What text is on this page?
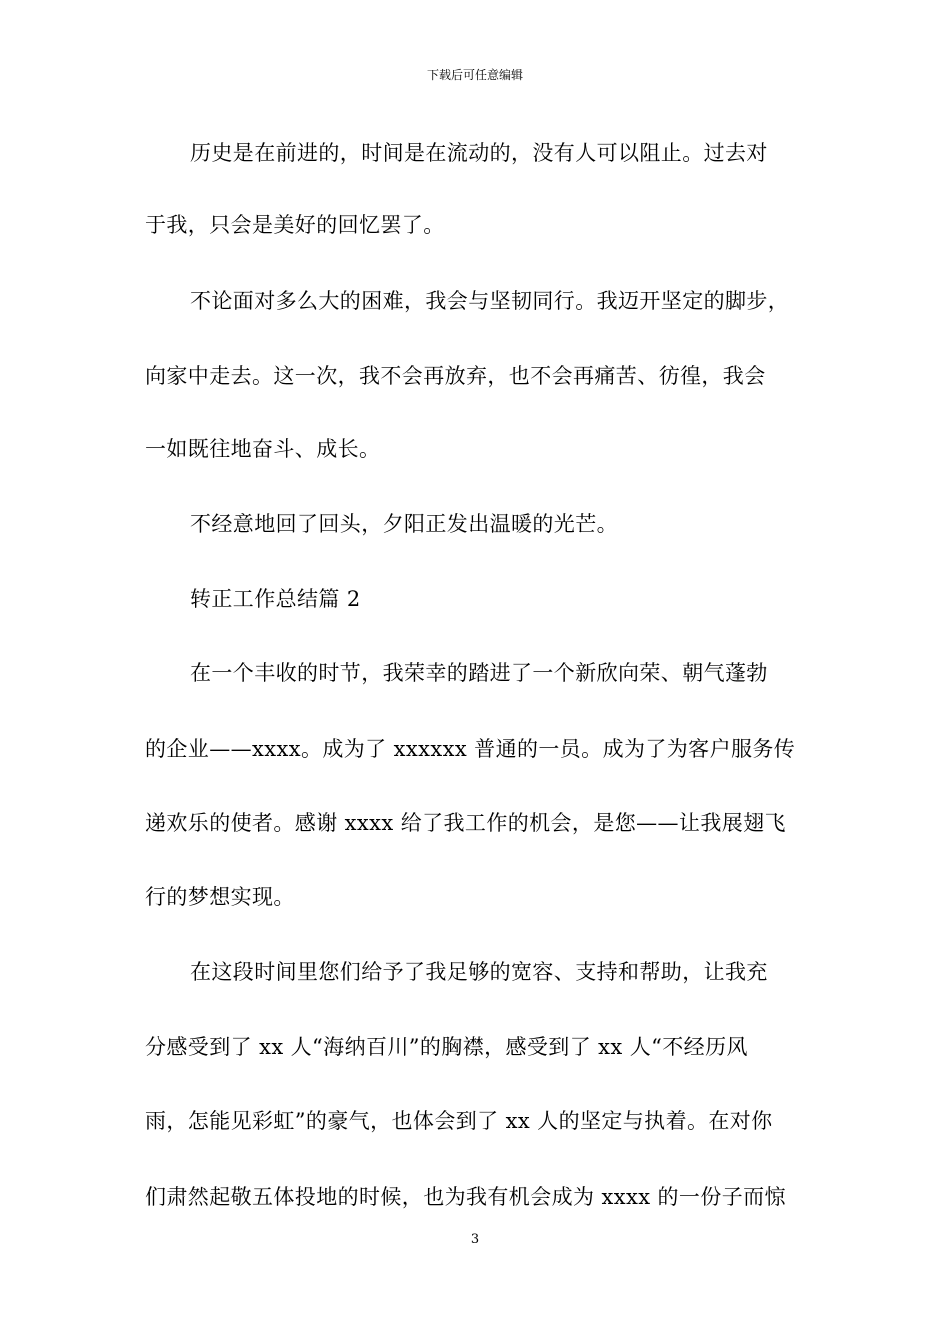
下载后可任意编辑
历史是在前进的，时间是在流动的，没有人可以阻止。过去对
于我，只会是美好的回忆罢了。
不论面对多么大的困难，我会与坚韧同行。我迈开坚定的脚步，
向家中走去。这一次，我不会再放弃，也不会再痛苦、彷徨，我会
一如既往地奋斗、成长。
不经意地回了回头，夕阳正发出温暖的光芒。
转正工作总结篇 2
在一个丰收的时节，我荣幸的踏进了一个新欣向荣、朝气蓬勃
的企业——xxxx。成为了 xxxxxx 普通的一员。成为了为客户服务传
递欢乐的使者。感谢 xxxx 给了我工作的机会，是您——让我展翅飞
行的梦想实现。
在这段时间里您们给予了我足够的宽容、支持和帮助，让我充
分感受到了 xx 人“海纳百川”的胸襟，感受到了 xx 人“不经历风
雨，怎能见彩虹”的豪气，也体会到了 xx 人的坚定与执着。在对你
们肃然起敬五体投地的时候，也为我有机会成为 xxxx 的一份子而惊
3
